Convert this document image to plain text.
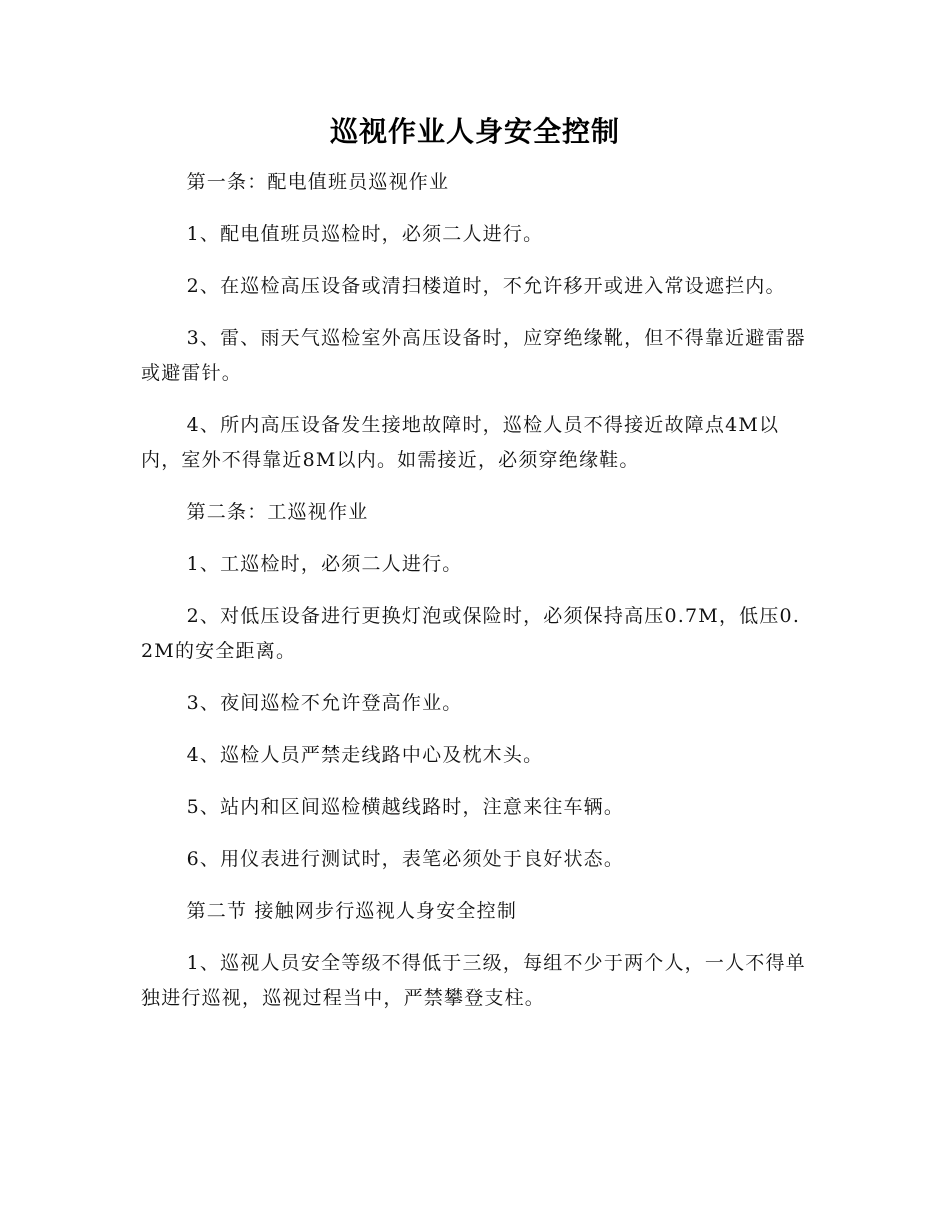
巡视作业人身安全控制

第一条：配电值班员巡视作业

1、配电值班员巡检时，必须二人进行。

2、在巡检高压设备或清扫楼道时，不允许移开或进入常设遮拦内。

3、雷、雨天气巡检室外高压设备时，应穿绝缘靴，但不得靠近避雷器或避雷针。

4、所内高压设备发生接地故障时，巡检人员不得接近故障点4M以内，室外不得靠近8M以内。如需接近，必须穿绝缘鞋。

第二条：工巡视作业

1、工巡检时，必须二人进行。

2、对低压设备进行更换灯泡或保险时，必须保持高压0.7M，低压0.2M的安全距离。

3、夜间巡检不允许登高作业。

4、巡检人员严禁走线路中心及枕木头。

5、站内和区间巡检横越线路时，注意来往车辆。

6、用仪表进行测试时，表笔必须处于良好状态。

第二节 接触网步行巡视人身安全控制

1、巡视人员安全等级不得低于三级，每组不少于两个人，一人不得单独进行巡视，巡视过程当中，严禁攀登支柱。
